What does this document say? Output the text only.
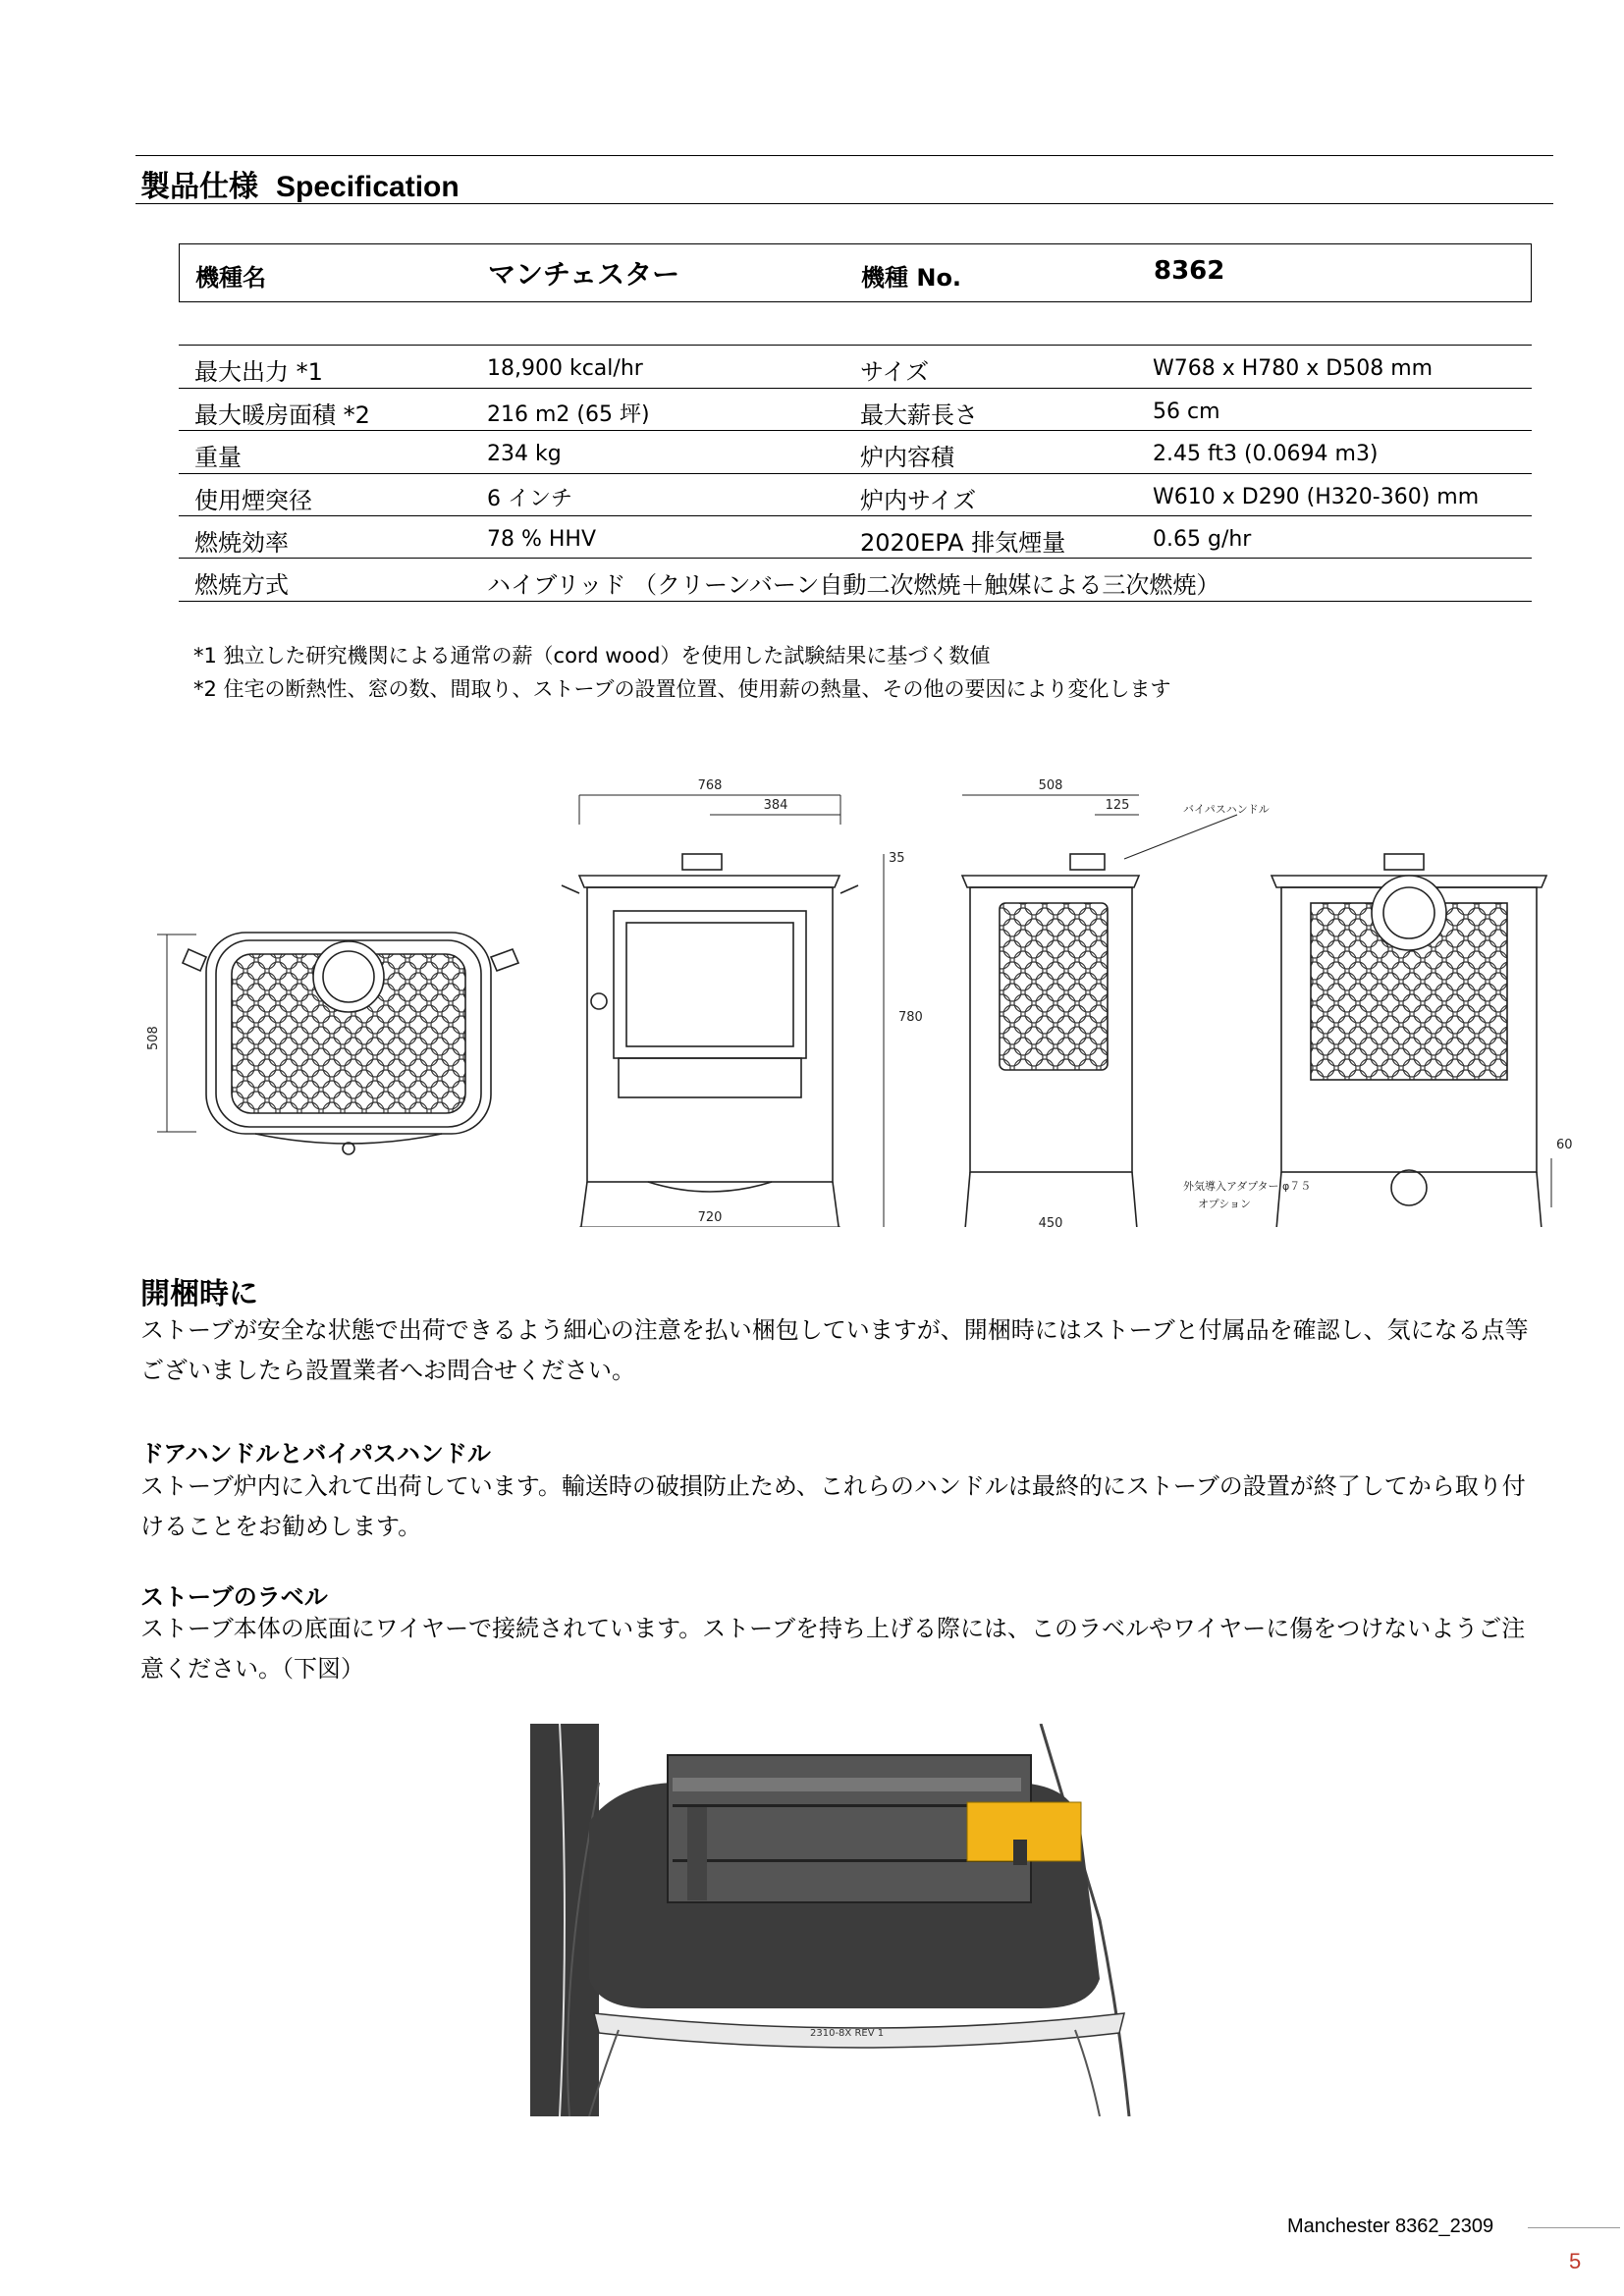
製品仕様 Specification
機種名	マンチェスター	機種 No.	8362
最大出力 *1	18,900 kcal/hr	サイズ	W768 x H780 x D508 mm
最大暖房面積 *2	216 m2 (65 坪)	最大薪長さ	56 cm
重量	234 kg	炉内容積	2.45 ft3 (0.0694 m3)
使用煙突径	6 インチ	炉内サイズ	W610 x D290 (H320-360) mm
燃焼効率	78 % HHV	2020EPA 排気煙量	0.65 g/hr
燃焼方式	ハイブリッド （クリーンバーン自動二次燃焼＋触媒による三次燃焼）
*1 独立した研究機関による通常の薪（cord wood）を使用した試験結果に基づく数値
*2 住宅の断熱性、窓の数、間取り、ストーブの設置位置、使用薪の熱量、その他の要因により変化します
508
768
384
35
780
720
508
125
450
60
バイパスハンドル
外気導入アダプター φ７５
オプション
開梱時に
ストーブが安全な状態で出荷できるよう細心の注意を払い梱包していますが、開梱時にはストーブと付属品を確認し、気になる点等ございましたら設置業者へお問合せください。
ドアハンドルとバイパスハンドル
ストーブ炉内に入れて出荷しています。輸送時の破損防止ため、これらのハンドルは最終的にストーブの設置が終了してから取り付けることをお勧めします。
ストーブのラベル
ストーブ本体の底面にワイヤーで接続されています。ストーブを持ち上げる際には、このラベルやワイヤーに傷をつけないようご注意ください。（下図）
2310-8X REV 1
Manchester 8362_2309
5
